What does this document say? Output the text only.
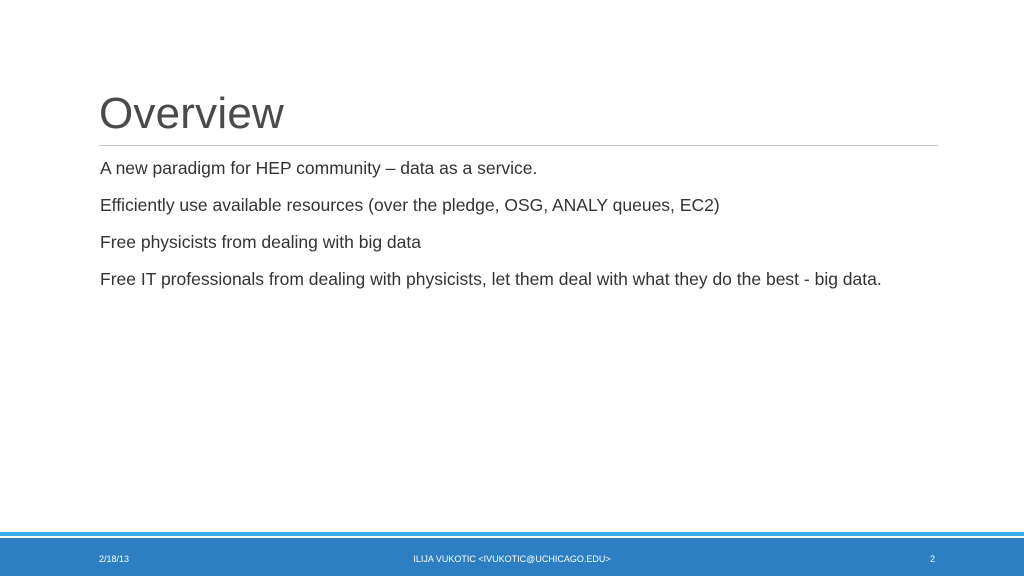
Overview
A new paradigm for HEP community – data as a service.
Efficiently use available resources (over the pledge, OSG, ANALY queues, EC2)
Free physicists from dealing with big data
Free IT professionals from dealing with physicists, let them deal with what they do the best - big data.
2/18/13	ILIJA VUKOTIC <IVUKOTIC@UCHICAGO.EDU>	2
